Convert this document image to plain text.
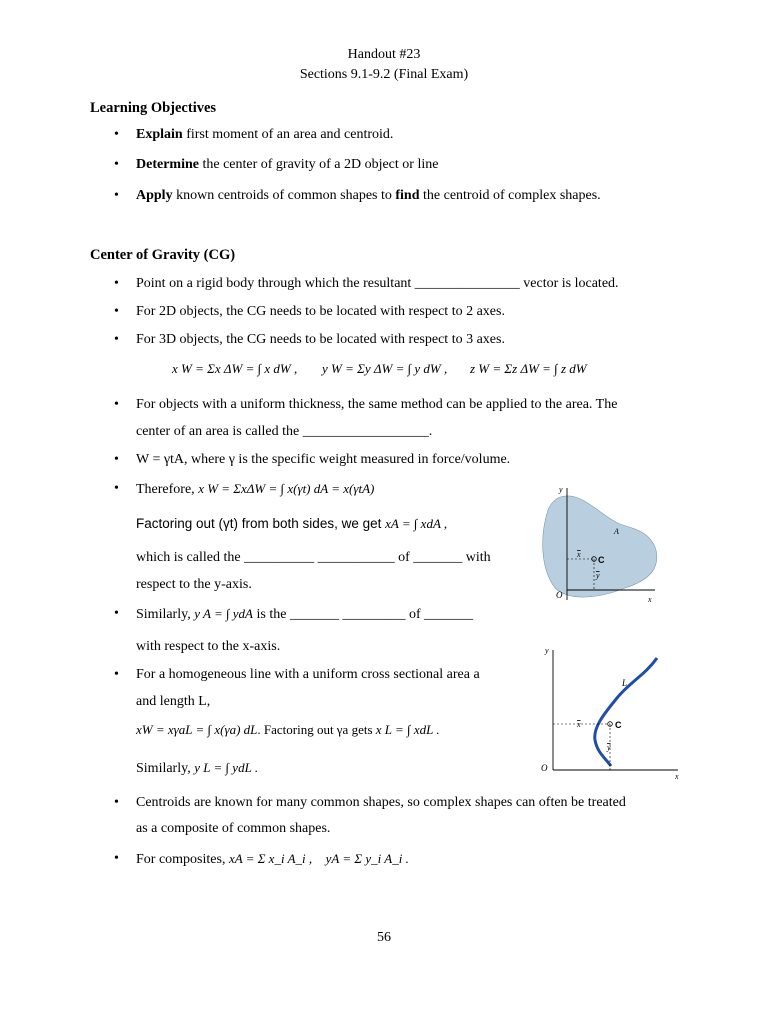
Handout #23
Sections 9.1-9.2 (Final Exam)
Learning Objectives
• Explain first moment of an area and centroid.
• Determine the center of gravity of a 2D object or line
• Apply known centroids of common shapes to find the centroid of complex shapes.
Center of Gravity (CG)
• Point on a rigid body through which the resultant _______________ vector is located.
• For 2D objects, the CG needs to be located with respect to 2 axes.
• For 3D objects, the CG needs to be located with respect to 3 axes.
x W = Σx ΔW = ∫ x dW , y W = Σy ΔW = ∫ y dW , z W = Σz ΔW = ∫ z dW
• For objects with a uniform thickness, the same method can be applied to the area. The
center of an area is called the __________________.
• W = γtA, where γ is the specific weight measured in force/volume.
• Therefore, x W = ΣxΔW = ∫ x(γt) dA = x(γtA)
Factoring out (γt) from both sides, we get xA = ∫ xdA ,
which is called the __________ ___________ of _______ with
respect to the y-axis.
• Similarly, y A = ∫ ydA is the _______ _________ of _______
with respect to the x-axis.
• For a homogeneous line with a uniform cross sectional area a
and length L,
xW = xγaL = ∫ x(γa) dL. Factoring out γa gets x L = ∫ xdL .
Similarly, y L = ∫ ydL .
• Centroids are known for many common shapes, so complex shapes can often be treated
as a composite of common shapes.
• For composites, xA = Σ x_i A_i , yA = Σ y_i A_i .
y
x
O
A
C
x
y
y
x
O
L
C
x
y
56
